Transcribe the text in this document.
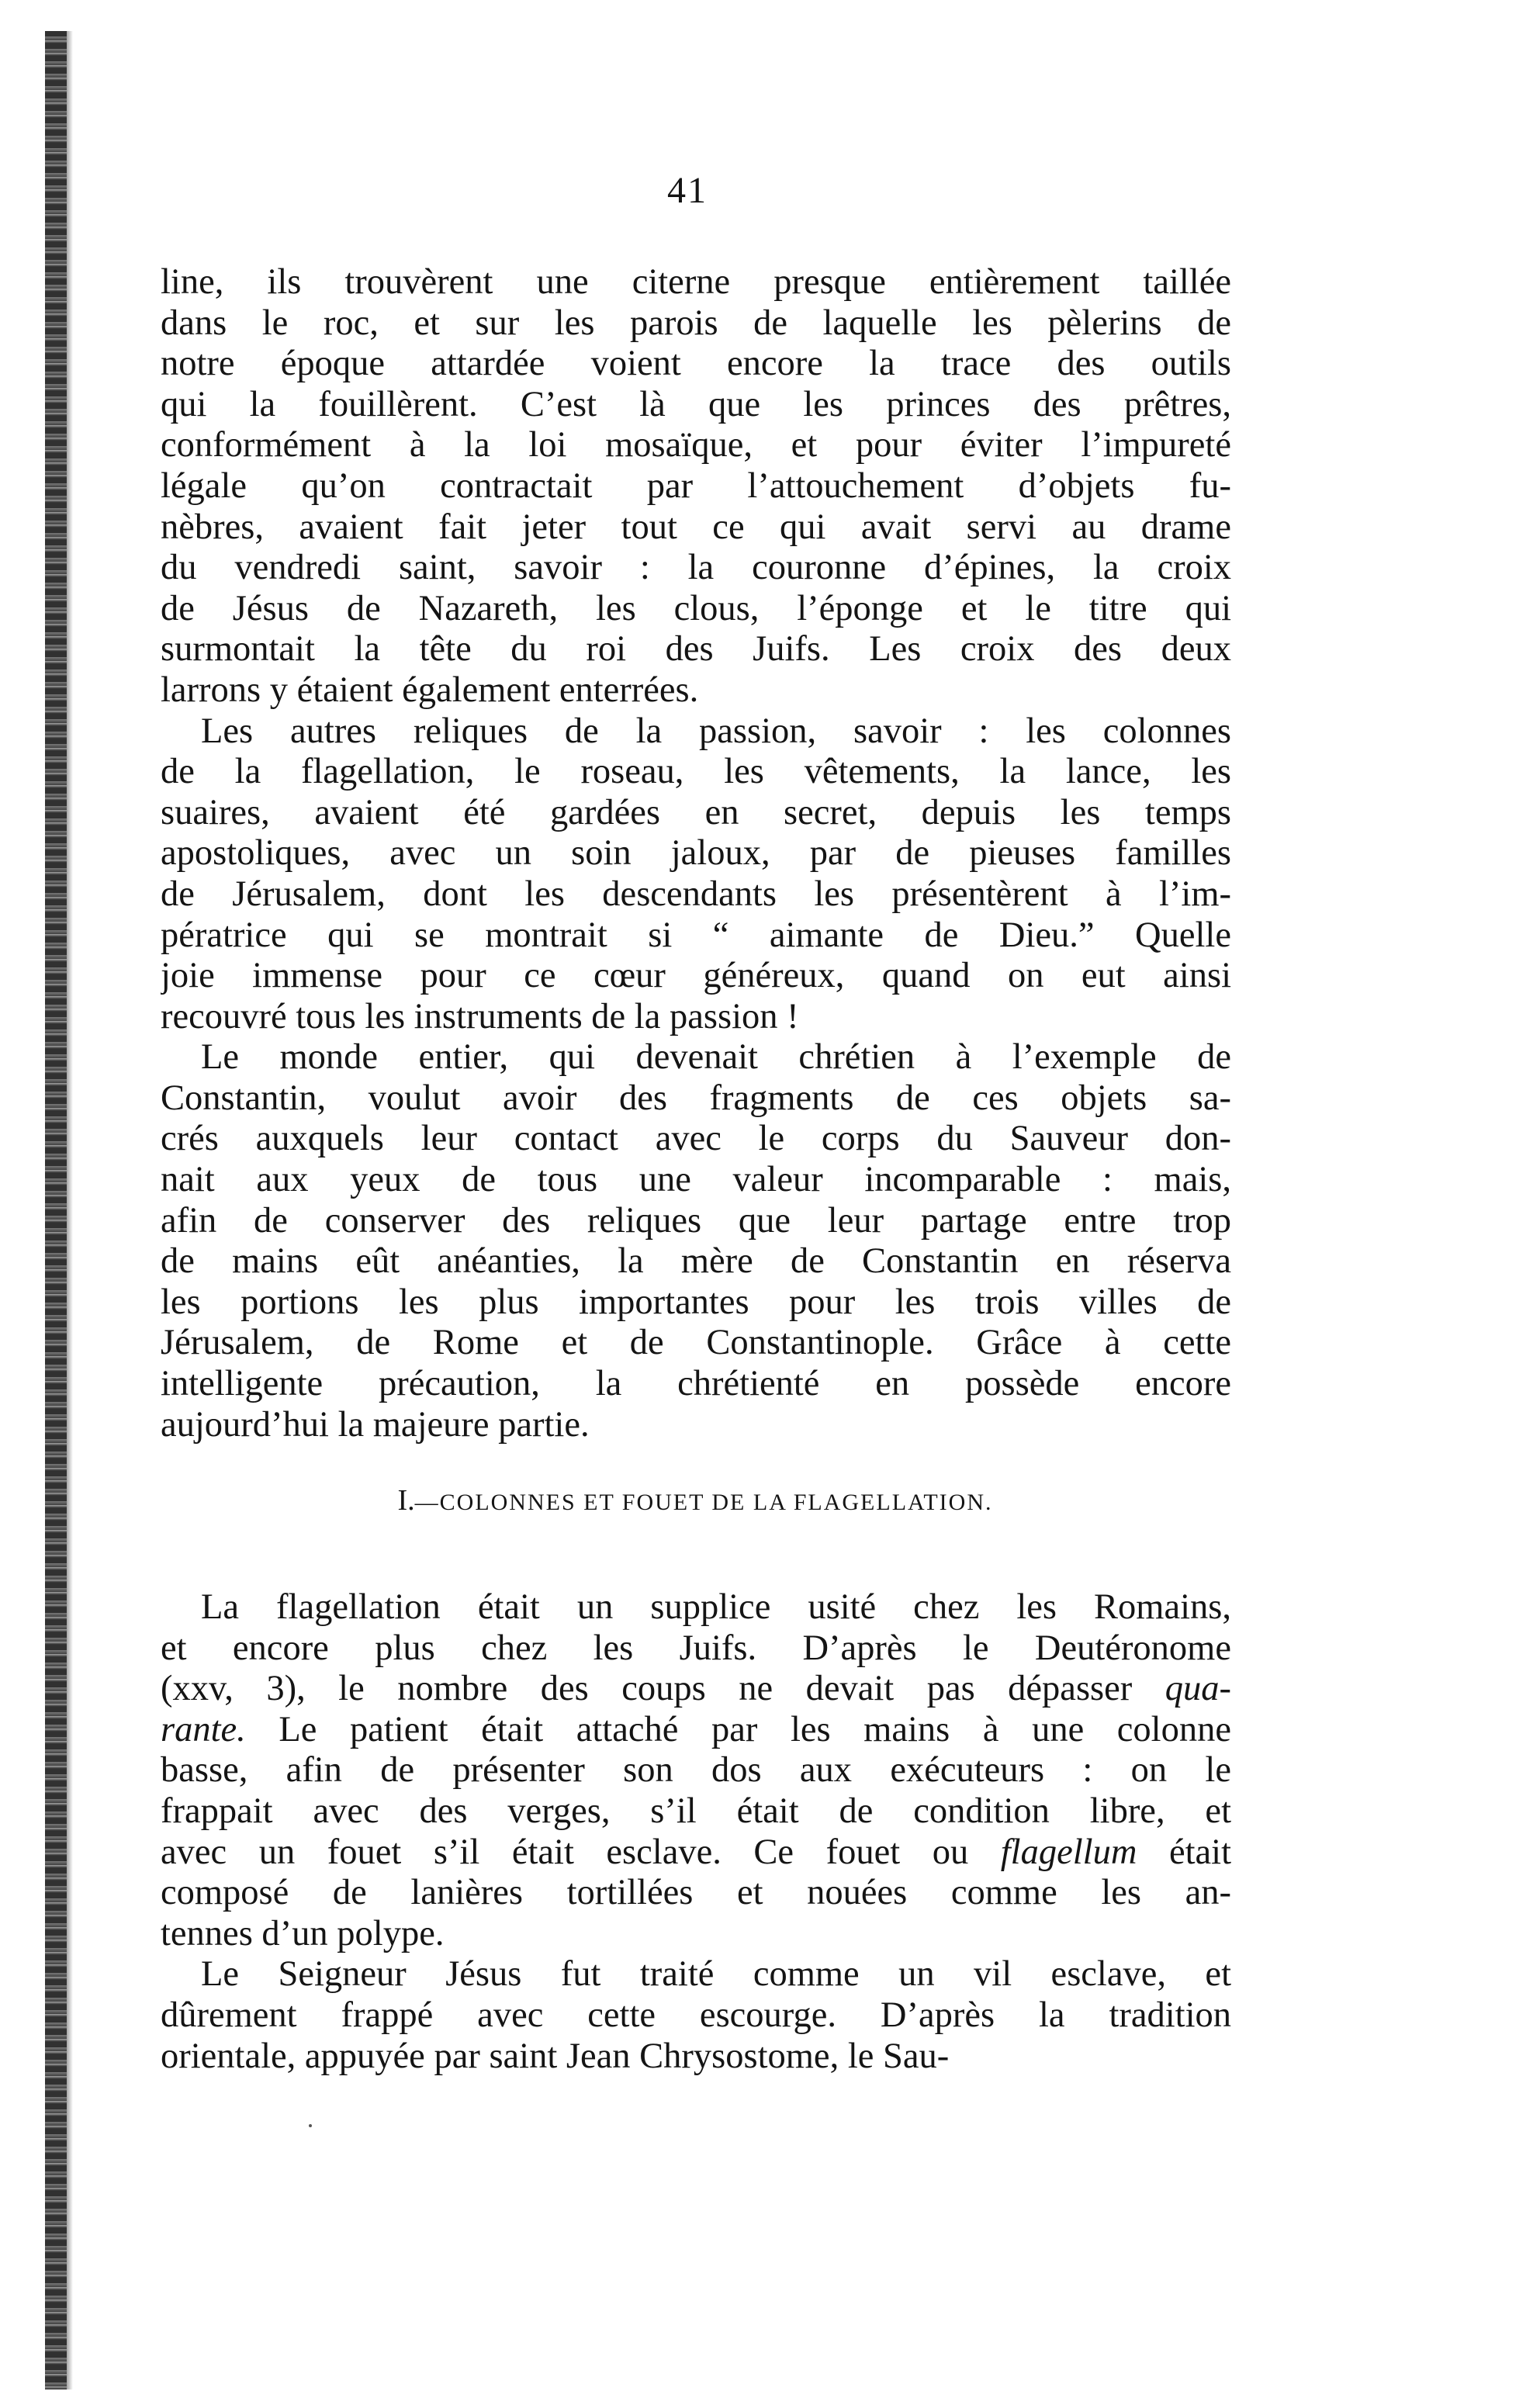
41
line, ils trouvèrent une citerne presque entièrement taillée
dans le roc, et sur les parois de laquelle les pèlerins de
notre époque attardée voient encore la trace des outils
qui la fouillèrent. C’est là que les princes des prêtres,
conformément à la loi mosaïque, et pour éviter l’impureté
légale qu’on contractait par l’attouchement d’objets fu-
nèbres, avaient fait jeter tout ce qui avait servi au drame
du vendredi saint, savoir : la couronne d’épines, la croix
de Jésus de Nazareth, les clous, l’éponge et le titre qui
surmontait la tête du roi des Juifs. Les croix des deux
larrons y étaient également enterrées.
Les autres reliques de la passion, savoir : les colonnes
de la flagellation, le roseau, les vêtements, la lance, les
suaires, avaient été gardées en secret, depuis les temps
apostoliques, avec un soin jaloux, par de pieuses familles
de Jérusalem, dont les descendants les présentèrent à l’im-
pératrice qui se montrait si “ aimante de Dieu.” Quelle
joie immense pour ce cœur généreux, quand on eut ainsi
recouvré tous les instruments de la passion !
Le monde entier, qui devenait chrétien à l’exemple de
Constantin, voulut avoir des fragments de ces objets sa-
crés auxquels leur contact avec le corps du Sauveur don-
nait aux yeux de tous une valeur incomparable : mais,
afin de conserver des reliques que leur partage entre trop
de mains eût anéanties, la mère de Constantin en réserva
les portions les plus importantes pour les trois villes de
Jérusalem, de Rome et de Constantinople. Grâce à cette
intelligente précaution, la chrétienté en possède encore
aujourd’hui la majeure partie.
I.—COLONNES ET FOUET DE LA FLAGELLATION.
La flagellation était un supplice usité chez les Romains,
et encore plus chez les Juifs. D’après le Deutéronome
(xxv, 3), le nombre des coups ne devait pas dépasser qua-
rante. Le patient était attaché par les mains à une colonne
basse, afin de présenter son dos aux exécuteurs : on le
frappait avec des verges, s’il était de condition libre, et
avec un fouet s’il était esclave. Ce fouet ou flagellum était
composé de lanières tortillées et nouées comme les an-
tennes d’un polype.
Le Seigneur Jésus fut traité comme un vil esclave, et
dûrement frappé avec cette escourge. D’après la tradition
orientale, appuyée par saint Jean Chrysostome, le Sau-
